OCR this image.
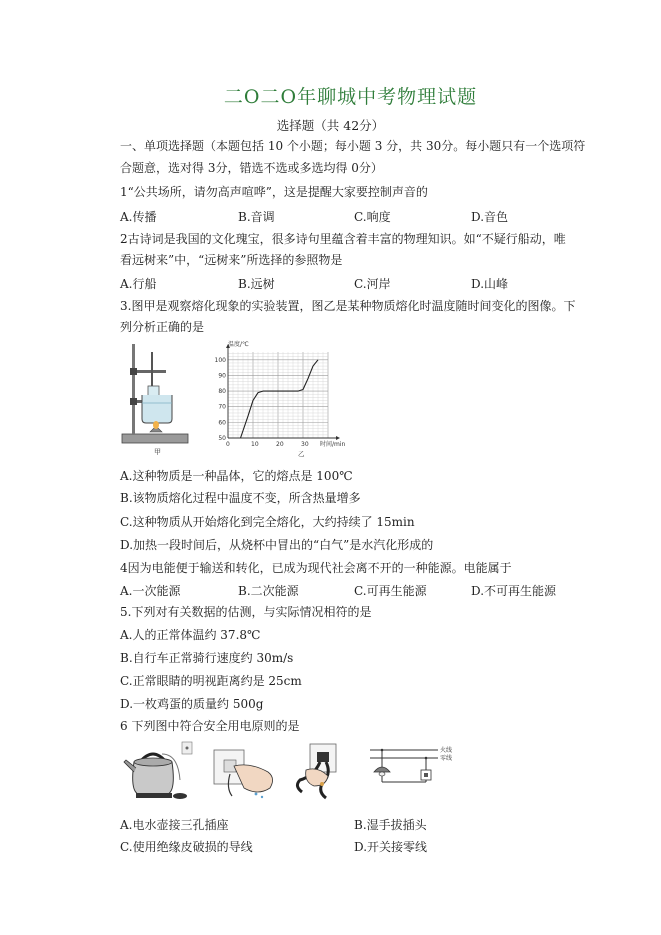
二O二O年聊城中考物理试题
选择题（共 42分）
一、单项选择题（本题包括 10 个小题；每小题 3 分，共 30分。每小题只有一个选项符
合题意，选对得 3分，错选不选或多选均得 0分）
1“公共场所，请勿高声喧哗”，这是提醒大家要控制声音的
A.传播	B.音调	C.响度	D.音色
2古诗词是我国的文化瑰宝，很多诗句里蕴含着丰富的物理知识。如“不疑行船动，唯
看远树来”中，“远树来”所选择的参照物是
A.行船	B.远树	C.河岸	D.山峰
3.图甲是观察熔化现象的实验装置，图乙是某种物质熔化时温度随时间变化的图像。下
列分析正确的是
甲
0	10	20	30
50
60
70
80
90
100
温度/℃
时间/min
乙
A.这种物质是一种晶体，它的熔点是 100℃
B.该物质熔化过程中温度不变，所含热量增多
C.这种物质从开始熔化到完全熔化，大约持续了 15min
D.加热一段时间后，从烧杯中冒出的“白气”是水汽化形成的
4因为电能便于输送和转化，已成为现代社会离不开的一种能源。电能属于
A.一次能源	B.二次能源	C.可再生能源	D.不可再生能源
5.下列对有关数据的估测，与实际情况相符的是
A.人的正常体温约 37.8℃
B.自行车正常骑行速度约 30m/s
C.正常眼睛的明视距离约是 25cm
D.一枚鸡蛋的质量约 500g
6 下列图中符合安全用电原则的是
火线
零线
A.电水壶接三孔插座	B.湿手拔插头
C.使用绝缘皮破损的导线	D.开关接零线
